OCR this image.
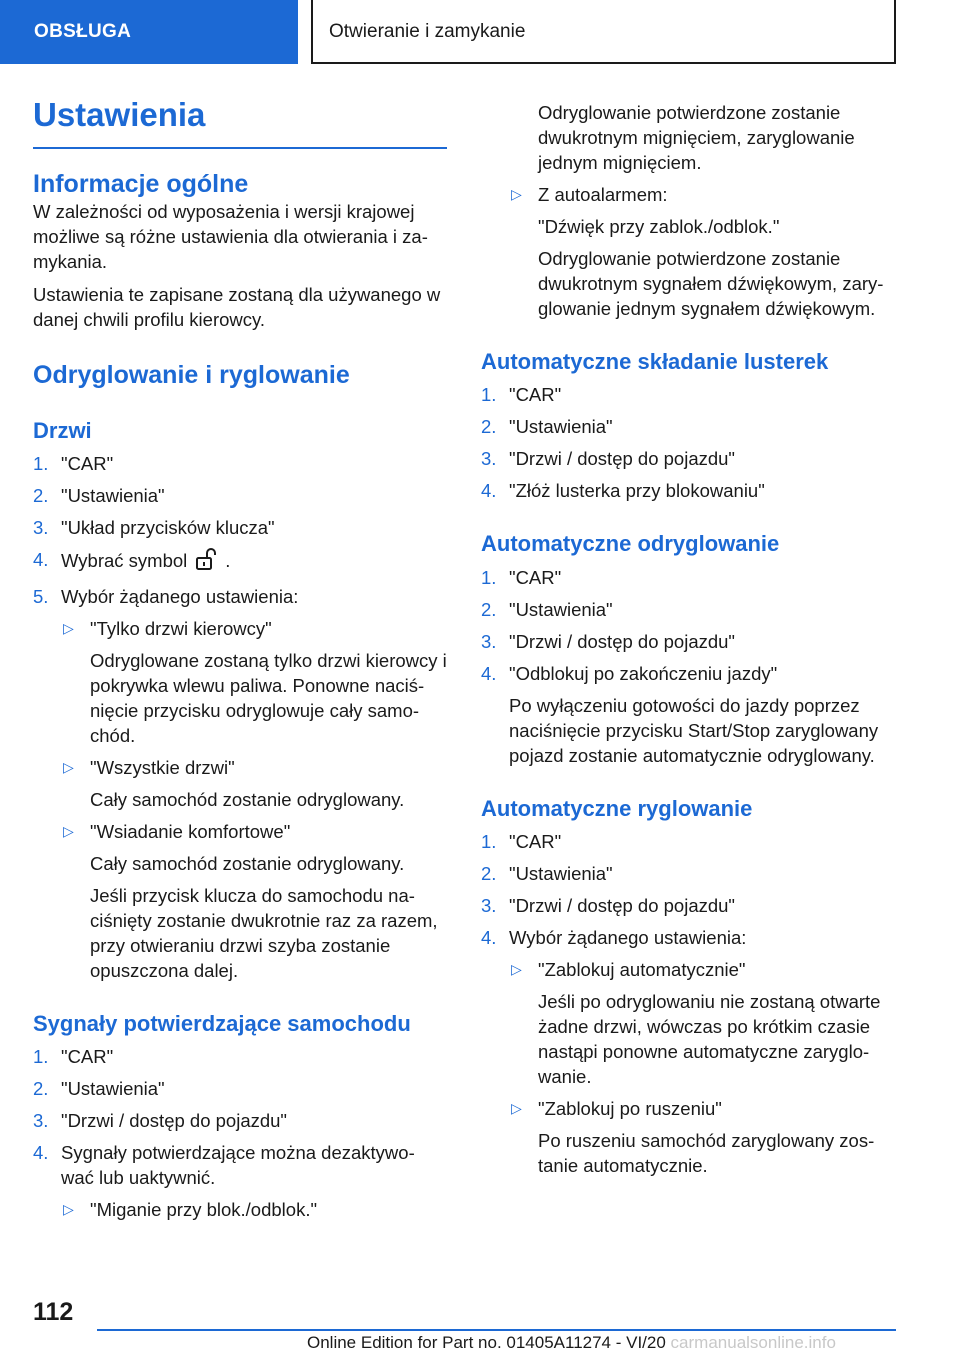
OBSŁUGA	Otwieranie i zamykanie
Ustawienia
Informacje ogólne

W zależności od wyposażenia i wersji krajowej możliwe są różne ustawienia dla otwierania i za-mykania.

Ustawienia te zapisane zostaną dla używanego w danej chwili profilu kierowcy.

Odryglowanie i ryglowanie
Drzwi
1. "CAR"
2. "Ustawienia"
3. "Układ przycisków klucza"
4. Wybrać symbol .
5. Wybór żądanego ustawienia:
▷ "Tylko drzwi kierowcy"
Odryglowane zostaną tylko drzwi kierowcy i pokrywka wlewu paliwa. Ponowne naciś-nięcie przycisku odryglowuje cały samo-chód.
▷ "Wszystkie drzwi"
Cały samochód zostanie odryglowany.
▷ "Wsiadanie komfortowe"
Cały samochód zostanie odryglowany.
Jeśli przycisk klucza do samochodu na-ciśnięty zostanie dwukrotnie raz za razem, przy otwieraniu drzwi szyba zostanie opuszczona dalej.
Sygnały potwierdzające samochodu
1. "CAR"
2. "Ustawienia"
3. "Drzwi / dostęp do pojazdu"
4. Sygnały potwierdzające można dezaktywo-wać lub uaktywnić.
▷ "Miganie przy blok./odblok."
Odryglowanie potwierdzone zostanie dwukrotnym mignięciem, zaryglowanie jednym mignięciem.
▷ Z autoalarmem:
"Dźwięk przy zablok./odblok."
Odryglowanie potwierdzone zostanie dwukrotnym sygnałem dźwiękowym, zary-glowanie jednym sygnałem dźwiękowym.
Automatyczne składanie lusterek
1. "CAR"
2. "Ustawienia"
3. "Drzwi / dostęp do pojazdu"
4. "Złóż lusterka przy blokowaniu"
Automatyczne odryglowanie
1. "CAR"
2. "Ustawienia"
3. "Drzwi / dostęp do pojazdu"
4. "Odblokuj po zakończeniu jazdy"
Po wyłączeniu gotowości do jazdy poprzez naciśnięcie przycisku Start/Stop zaryglowany pojazd zostanie automatycznie odryglowany.
Automatyczne ryglowanie
1. "CAR"
2. "Ustawienia"
3. "Drzwi / dostęp do pojazdu"
4. Wybór żądanego ustawienia:
▷ "Zablokuj automatycznie"
Jeśli po odryglowaniu nie zostaną otwarte żadne drzwi, wówczas po krótkim czasie nastąpi ponowne automatyczne zaryglo-wanie.
▷ "Zablokuj po ruszeniu"
Po ruszeniu samochód zaryglowany zos-tanie automatycznie.
112
Online Edition for Part no. 01405A11274 - VI/20 carmanualsonline.info
